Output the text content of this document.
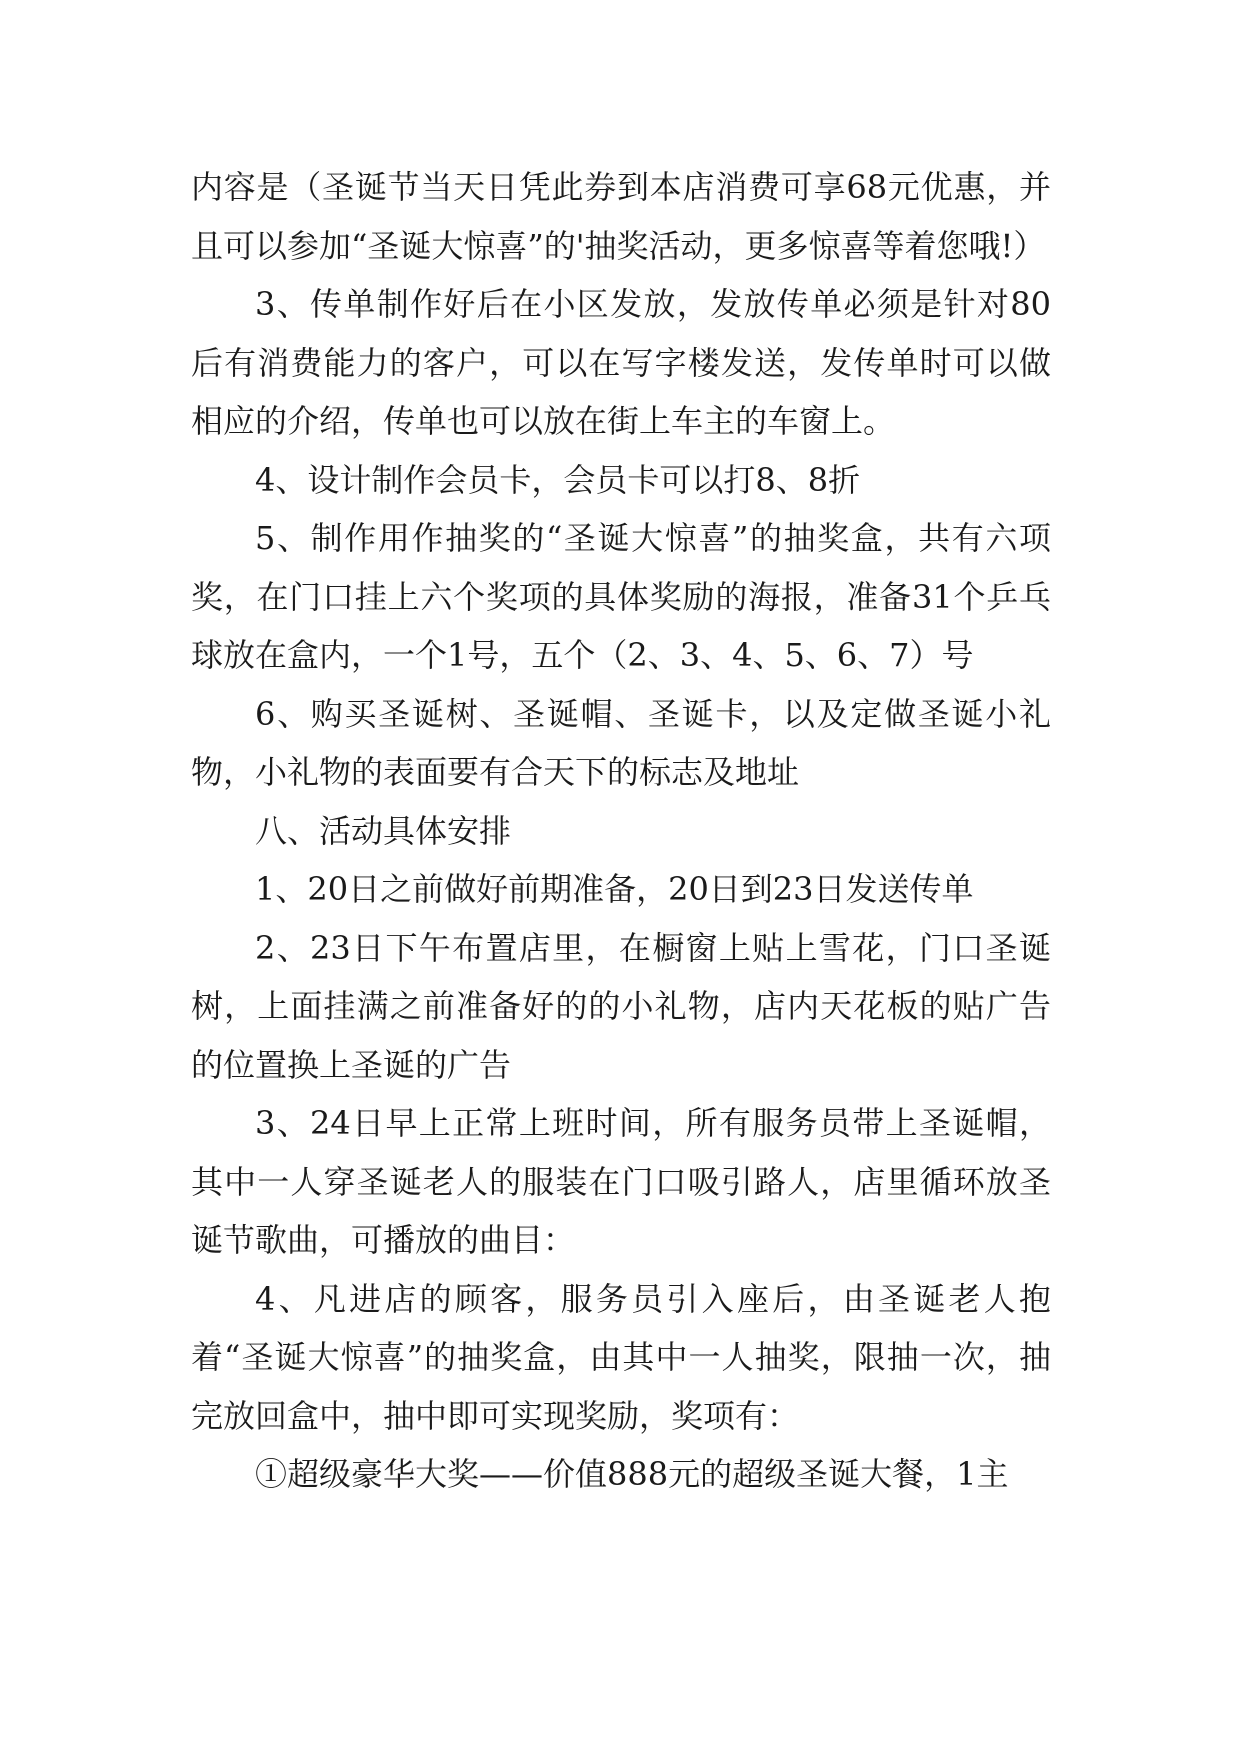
内容是（圣诞节当天日凭此券到本店消费可享68元优惠，并且可以参加“圣诞大惊喜”的'抽奖活动，更多惊喜等着您哦!）

3、传单制作好后在小区发放，发放传单必须是针对80后有消费能力的客户，可以在写字楼发送，发传单时可以做相应的介绍，传单也可以放在街上车主的车窗上。

4、设计制作会员卡，会员卡可以打8、8折

5、制作用作抽奖的“圣诞大惊喜”的抽奖盒，共有六项奖，在门口挂上六个奖项的具体奖励的海报，准备31个乒乓球放在盒内，一个1号，五个（2、3、4、5、6、7）号

6、购买圣诞树、圣诞帽、圣诞卡，以及定做圣诞小礼物，小礼物的表面要有合天下的标志及地址

八、活动具体安排

1、20日之前做好前期准备，20日到23日发送传单

2、23日下午布置店里，在橱窗上贴上雪花，门口圣诞树，上面挂满之前准备好的的小礼物，店内天花板的贴广告的位置换上圣诞的广告

3、24日早上正常上班时间，所有服务员带上圣诞帽，其中一人穿圣诞老人的服装在门口吸引路人，店里循环放圣诞节歌曲，可播放的曲目：

4、凡进店的顾客，服务员引入座后，由圣诞老人抱着“圣诞大惊喜”的抽奖盒，由其中一人抽奖，限抽一次，抽完放回盒中，抽中即可实现奖励，奖项有：

①超级豪华大奖——价值888元的超级圣诞大餐，1主
